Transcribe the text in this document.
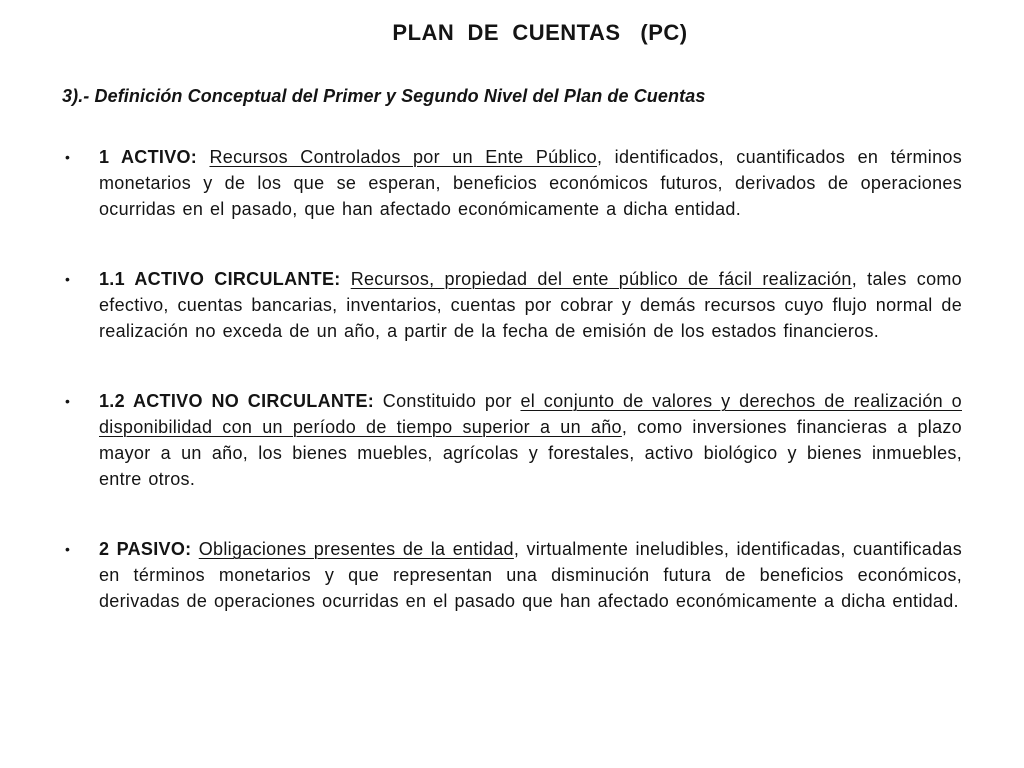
PLAN  DE  CUENTAS   (PC)
3).- Definición Conceptual del Primer y Segundo Nivel del Plan de Cuentas
•	1 ACTIVO: Recursos Controlados por un Ente Público, identificados, cuantificados en términos monetarios y de los que se esperan, beneficios económicos futuros, derivados de operaciones ocurridas en el pasado, que han afectado económicamente a dicha entidad.
•	1.1 ACTIVO CIRCULANTE: Recursos, propiedad del ente público de fácil realización, tales como efectivo, cuentas bancarias, inventarios, cuentas por cobrar y demás recursos cuyo flujo normal de realización no exceda de un año, a partir de la fecha de emisión de los estados financieros.
•	1.2 ACTIVO NO CIRCULANTE: Constituido por el conjunto de valores y derechos de realización o disponibilidad con un período de tiempo superior a un año, como inversiones financieras a plazo mayor a un año, los bienes muebles, agrícolas y forestales, activo biológico y bienes inmuebles, entre otros.
•	2 PASIVO: Obligaciones presentes de la entidad, virtualmente ineludibles, identificadas, cuantificadas en términos monetarios y que representan una disminución futura de beneficios económicos, derivadas de operaciones ocurridas en el pasado que han afectado económicamente a dicha entidad.
